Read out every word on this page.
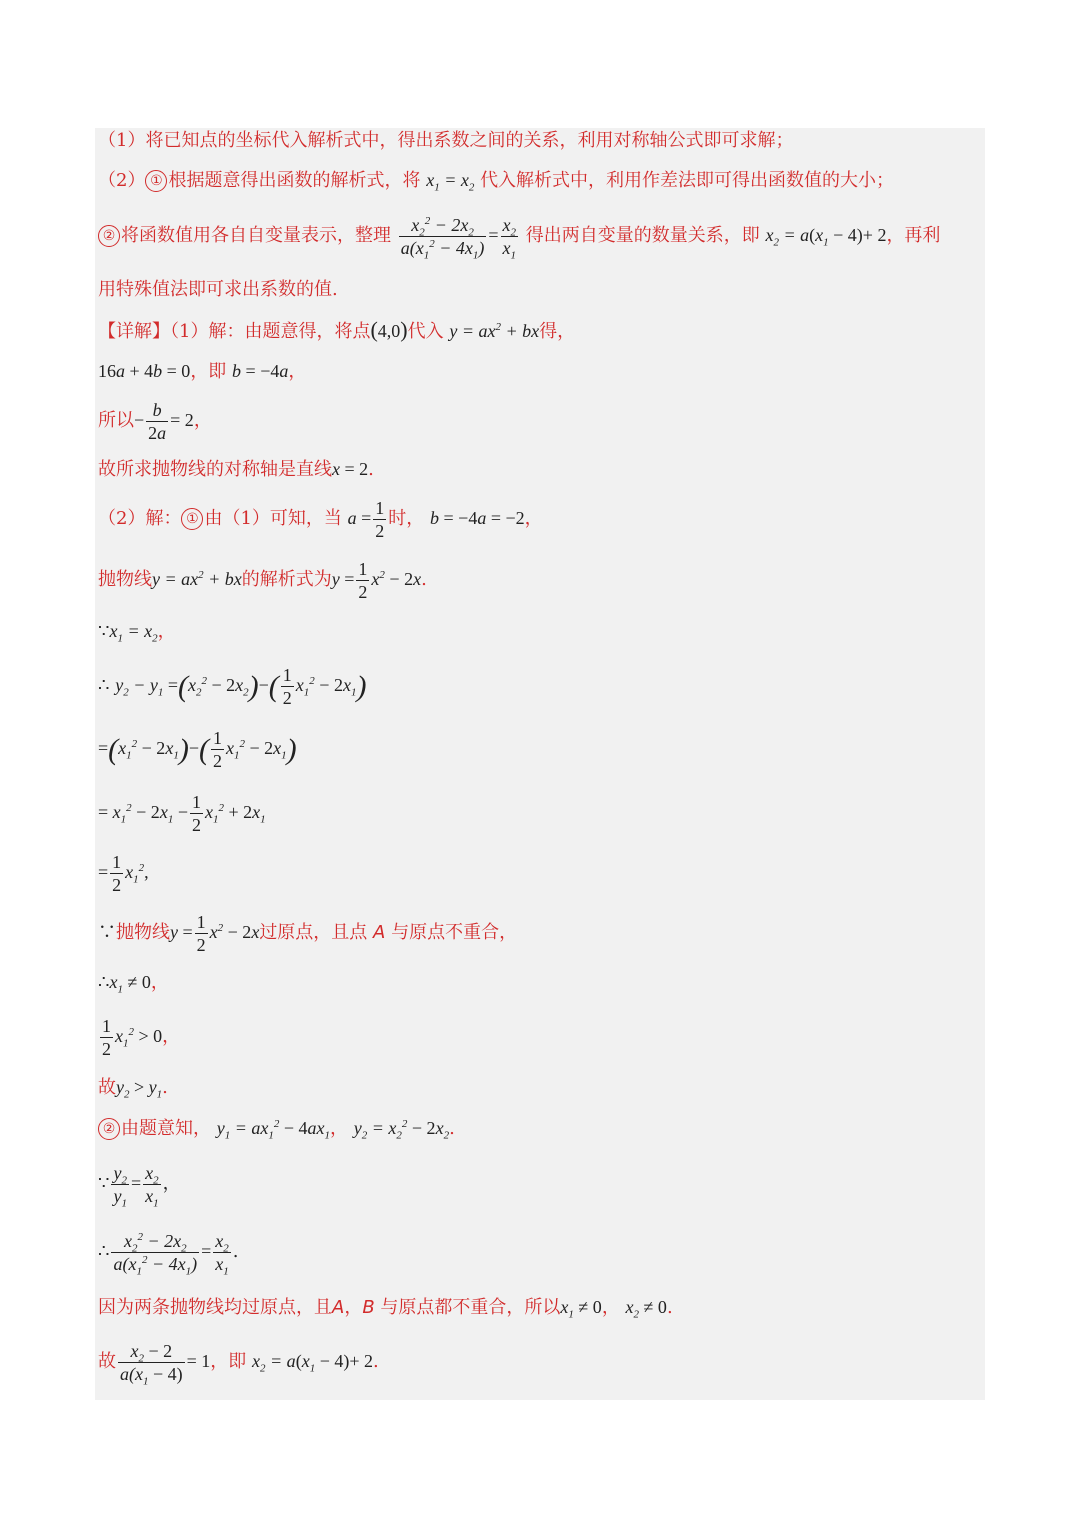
（1）将已知点的坐标代入解析式中，得出系数之间的关系，利用对称轴公式即可求解；
（2） ① 根据题意得出函数的解析式，将 $x_1 = x_2$ 代入解析式中，利用作差法即可得出函数值的大小；
② 将函数值用各自自变量表示，整理 $\frac{x_2^2 - 2x_2}{a(x_1^2 - 4x_1)} = \frac{x_2}{x_1}$ 得出两自变量的数量关系，即 $x_2 = a(x_1 - 4)+ 2$，再利
用特殊值法即可求出系数的值.
【详解】（1）解：由题意得，将点(4,0)代入 $y = ax^2$ + bx得，
16a + 4b = 0，即 b = −4a，
所以− $\frac{b}{2a} = 2$，
故所求抛物线的对称轴是直线x = 2.
（2）解： ① 由（1）可知，当 $a = \frac{1}{2}$ 时， b = −4a = −2，
抛物线$y = ax^2$ + bx的解析式为$y = \frac{1}{2} x^2 - 2x$.
$\because x_1 = x_2$，
∴ $y_2 - y_1 =(x_2^2 - 2x_2)-( \frac{1}{2} x_1^2 - 2x_1)$
$=(x_1^2 - 2x_1)-( \frac{1}{2} x_1^2 - 2x_1)$
= $x_1^2 - 2x_1 - \frac{1}{2} x_1^2 + 2x_1$
= $\frac{1}{2} x_1^2$,
∵抛物线$y = \frac{1}{2} x^2 - 2x$过原点，且点 A 与原点不重合，
$\therefore x_1 \ne 0$，
$\frac{1}{2} x_1^2 > 0$，
故$y_2 > y_1$.
② 由题意知， $y_1 = ax_1^2 - 4ax_1$， $y_2 = x_2^2 - 2x_2$.
∵ $\frac{y_2}{y_1} = \frac{x_2}{x_1}$ ，
∴ $\frac{x_2^2 - 2x_2}{a(x_1^2 - 4x_1)} = \frac{x_2}{x_1}$ .
因为两条抛物线均过原点，且A，B 与原点都不重合，所以$x_1 \ne 0$， $x_2 \ne 0$.
故 $\frac{x_2 - 2}{a(x_1 - 4)} = 1$，即 $x_2 = a(x_1 - 4)+ 2$.
